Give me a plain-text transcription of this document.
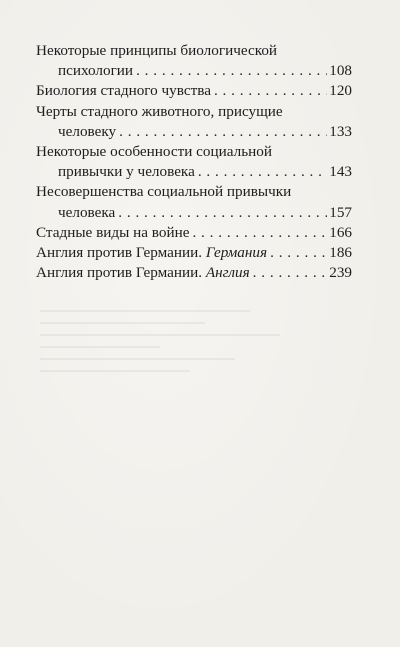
Некоторые принципы биологической
психологии . . .	108
Биология стадного чувства . . .	120
Черты стадного животного, присущие
человеку . . .	133
Некоторые особенности социальной
привычки у человека . . .	143
Несовершенства социальной привычки
человека . . .	157
Стадные виды на войне . . .	166
Англия против Германии. Германия . . .	186
Англия против Германии. Англия . . .	239
